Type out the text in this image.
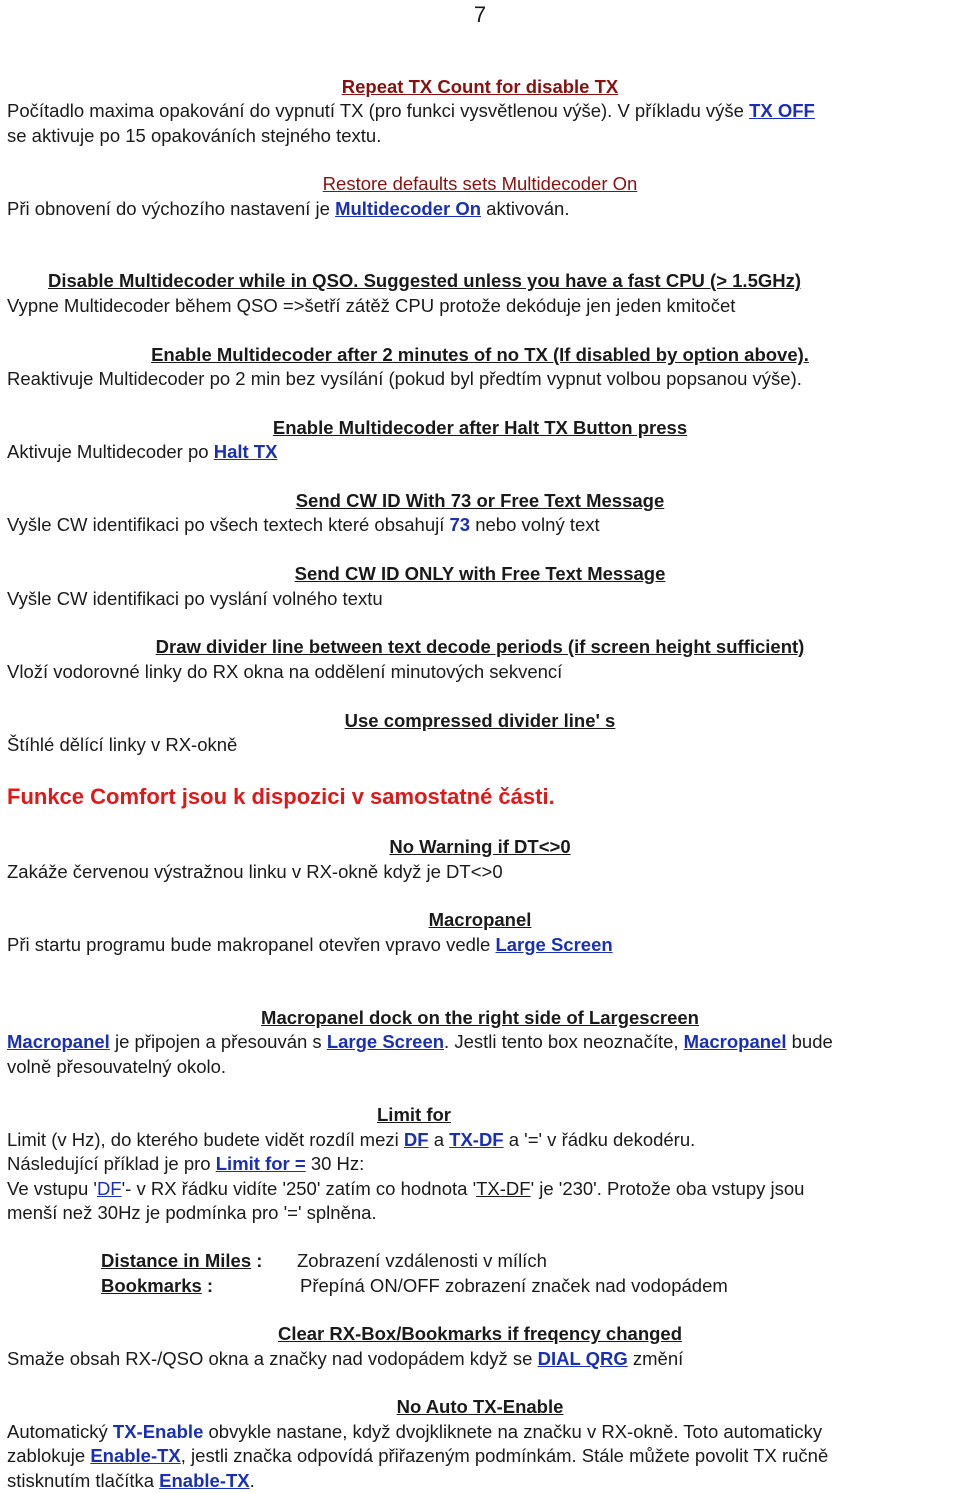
7
Repeat TX Count for disable TX
Počítadlo maxima opakování do vypnutí TX (pro funkci vysvětlenou výše). V příkladu výše TX OFF
se aktivuje po 15 opakováních stejného textu.
Restore defaults sets Multidecoder On
Při obnovení do výchozího nastavení je Multidecoder On aktivován.
Disable Multidecoder while in QSO. Suggested unless you have a fast CPU (> 1.5GHz)
Vypne Multidecoder během QSO =>šetří zátěž CPU protože dekóduje jen jeden kmitočet
Enable Multidecoder after 2 minutes of no TX (If disabled by option above).
Reaktivuje Multidecoder po 2 min bez vysílání (pokud byl předtím vypnut volbou popsanou výše).
Enable Multidecoder after Halt TX Button press
Aktivuje Multidecoder po Halt TX
Send CW ID With 73 or Free Text Message
Vyšle CW identifikaci po všech textech které obsahují 73 nebo volný text
Send CW ID ONLY with Free Text Message
Vyšle CW identifikaci po vyslání volného textu
Draw divider line between text decode periods (if screen height sufficient)
Vloží vodorovné linky do RX okna na oddělení minutových sekvencí
Use compressed divider line' s
Štíhlé dělící linky v RX-okně
Funkce Comfort jsou k dispozici v samostatné části.
No Warning if DT<>0
Zakáže červenou výstražnou linku v RX-okně když je DT<>0
Macropanel
Při startu programu bude makropanel otevřen vpravo vedle Large Screen
Macropanel dock on the right side of Largescreen
Macropanel je připojen a přesouván s Large Screen. Jestli tento box neoznačíte, Macropanel bude
volně přesouvatelný okolo.
Limit for
Limit (v Hz), do kterého budete vidět rozdíl mezi DF a TX-DF a '=' v řádku dekodéru.
Následující příklad je pro Limit for = 30 Hz:
Ve vstupu 'DF'- v RX řádku vidíte '250' zatím co hodnota 'TX-DF' je '230'. Protože oba vstupy jsou
menší než 30Hz je podmínka pro '=' splněna.
Distance in Miles : Zobrazení vzdálenosti v mílích
Bookmarks :	Přepíná ON/OFF zobrazení značek nad vodopádem
Clear RX-Box/Bookmarks if freqency changed
Smaže obsah RX-/QSO okna a značky nad vodopádem když se DIAL QRG změní
No Auto TX-Enable
Automatický TX-Enable obvykle nastane, když dvojkliknete na značku v RX-okně. Toto automaticky
zablokuje Enable-TX, jestli značka odpovídá přiřazeným podmínkám. Stále můžete povolit TX ručně
stisknutím tlačítka Enable-TX.
